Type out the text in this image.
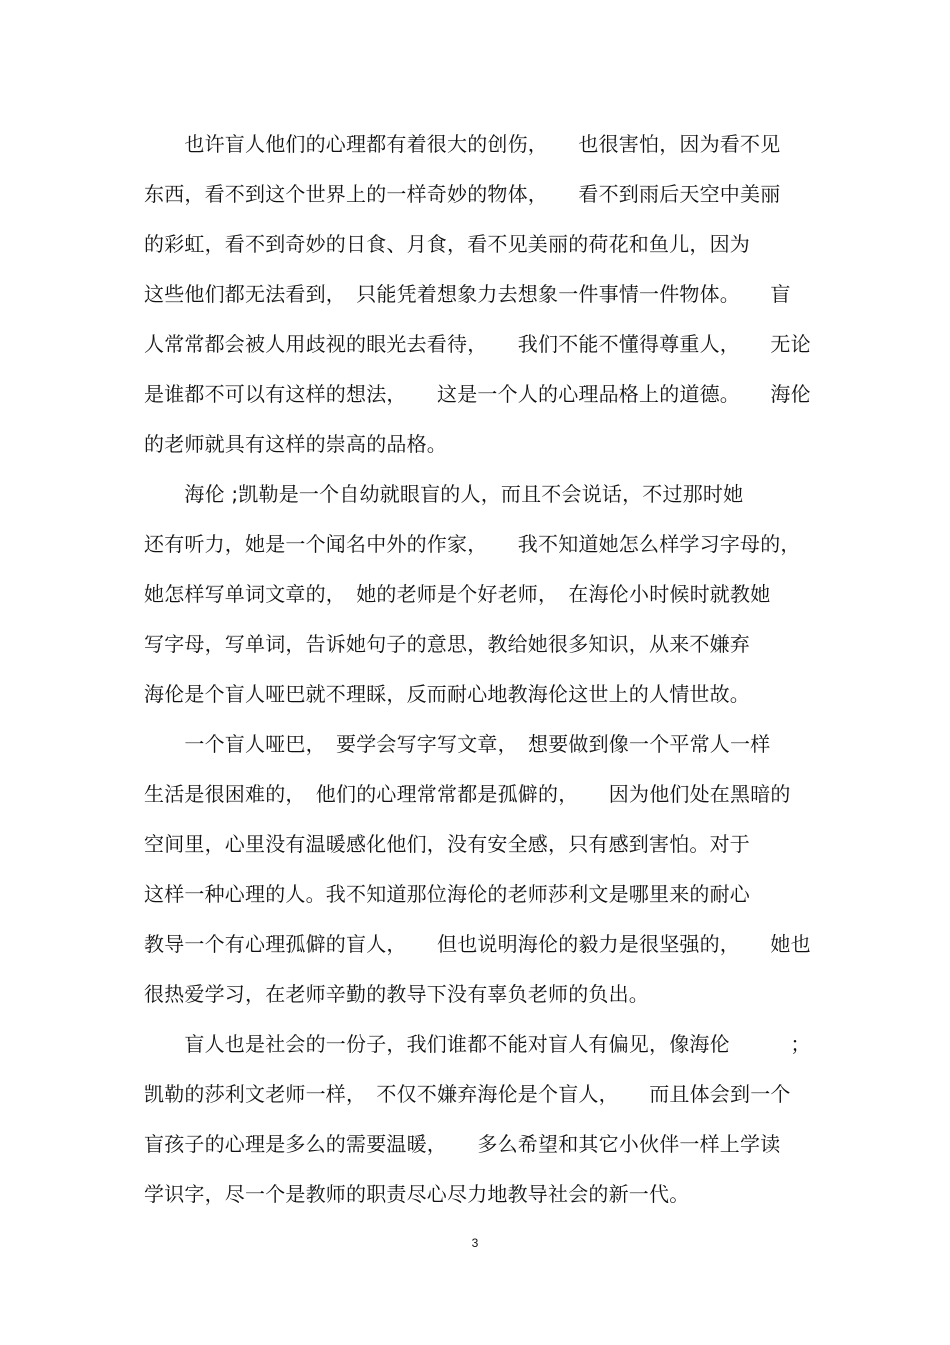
　　也许盲人他们的心理都有着很大的创伤，　　也很害怕，因为看不见
东西，看不到这个世界上的一样奇妙的物体，　　看不到雨后天空中美丽
的彩虹，看不到奇妙的日食、月食，看不见美丽的荷花和鱼儿，因为
这些他们都无法看到，　只能凭着想象力去想象一件事情一件物体。　　盲
人常常都会被人用歧视的眼光去看待，　　我们不能不懂得尊重人，　　无论
是谁都不可以有这样的想法，　　这是一个人的心理品格上的道德。　　海伦
的老师就具有这样的崇高的品格。
　　海伦 ;凯勒是一个自幼就眼盲的人，而且不会说话，不过那时她
还有听力，她是一个闻名中外的作家，　　我不知道她怎么样学习字母的，
她怎样写单词文章的，　她的老师是个好老师，　在海伦小时候时就教她
写字母，写单词，告诉她句子的意思，教给她很多知识，从来不嫌弃
海伦是个盲人哑巴就不理睬，反而耐心地教海伦这世上的人情世故。
　　一个盲人哑巴，　要学会写字写文章，　想要做到像一个平常人一样
生活是很困难的，　他们的心理常常都是孤僻的，　　因为他们处在黑暗的
空间里，心里没有温暖感化他们，没有安全感，只有感到害怕。对于
这样一种心理的人。我不知道那位海伦的老师莎利文是哪里来的耐心
教导一个有心理孤僻的盲人，　　但也说明海伦的毅力是很坚强的，　　她也
很热爱学习，在老师辛勤的教导下没有辜负老师的负出。
　　盲人也是社会的一份子，我们谁都不能对盲人有偏见，像海伦　　　；
凯勒的莎利文老师一样，　不仅不嫌弃海伦是个盲人，　　而且体会到一个
盲孩子的心理是多么的需要温暖，　　多么希望和其它小伙伴一样上学读
学识字，尽一个是教师的职责尽心尽力地教导社会的新一代。
3
